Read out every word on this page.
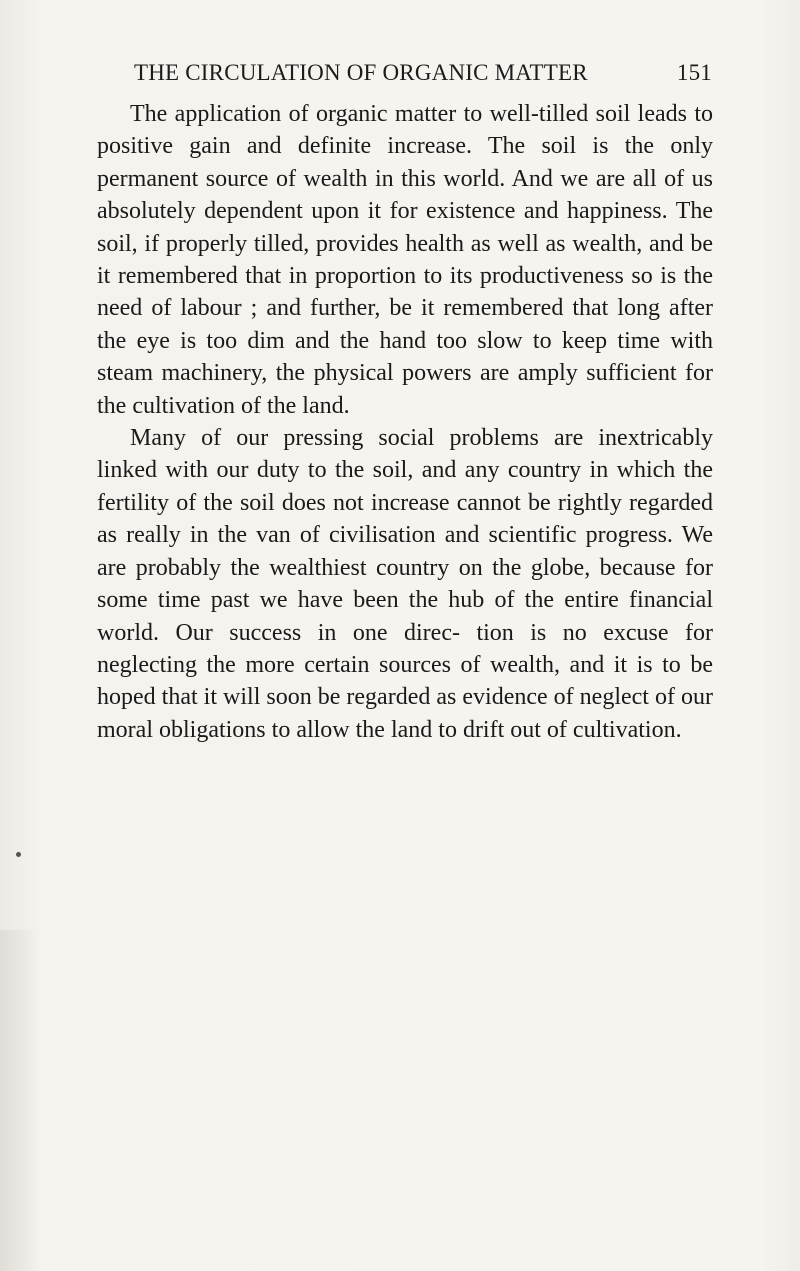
THE CIRCULATION OF ORGANIC MATTER	151

The application of organic matter to well-tilled soil leads to positive gain and definite increase. The soil is the only permanent source of wealth in this world. And we are all of us absolutely dependent upon it for existence and happiness. The soil, if properly tilled, provides health as well as wealth, and be it remembered that in proportion to its productiveness so is the need of labour ; and further, be it remembered that long after the eye is too dim and the hand too slow to keep time with steam machinery, the physical powers are amply sufficient for the cultivation of the land.

Many of our pressing social problems are inextricably linked with our duty to the soil, and any country in which the fertility of the soil does not increase cannot be rightly regarded as really in the van of civilisation and scientific progress. We are probably the wealthiest country on the globe, because for some time past we have been the hub of the entire financial world. Our success in one direc- tion is no excuse for neglecting the more certain sources of wealth, and it is to be hoped that it will soon be regarded as evidence of neglect of our moral obligations to allow the land to drift out of cultivation.
